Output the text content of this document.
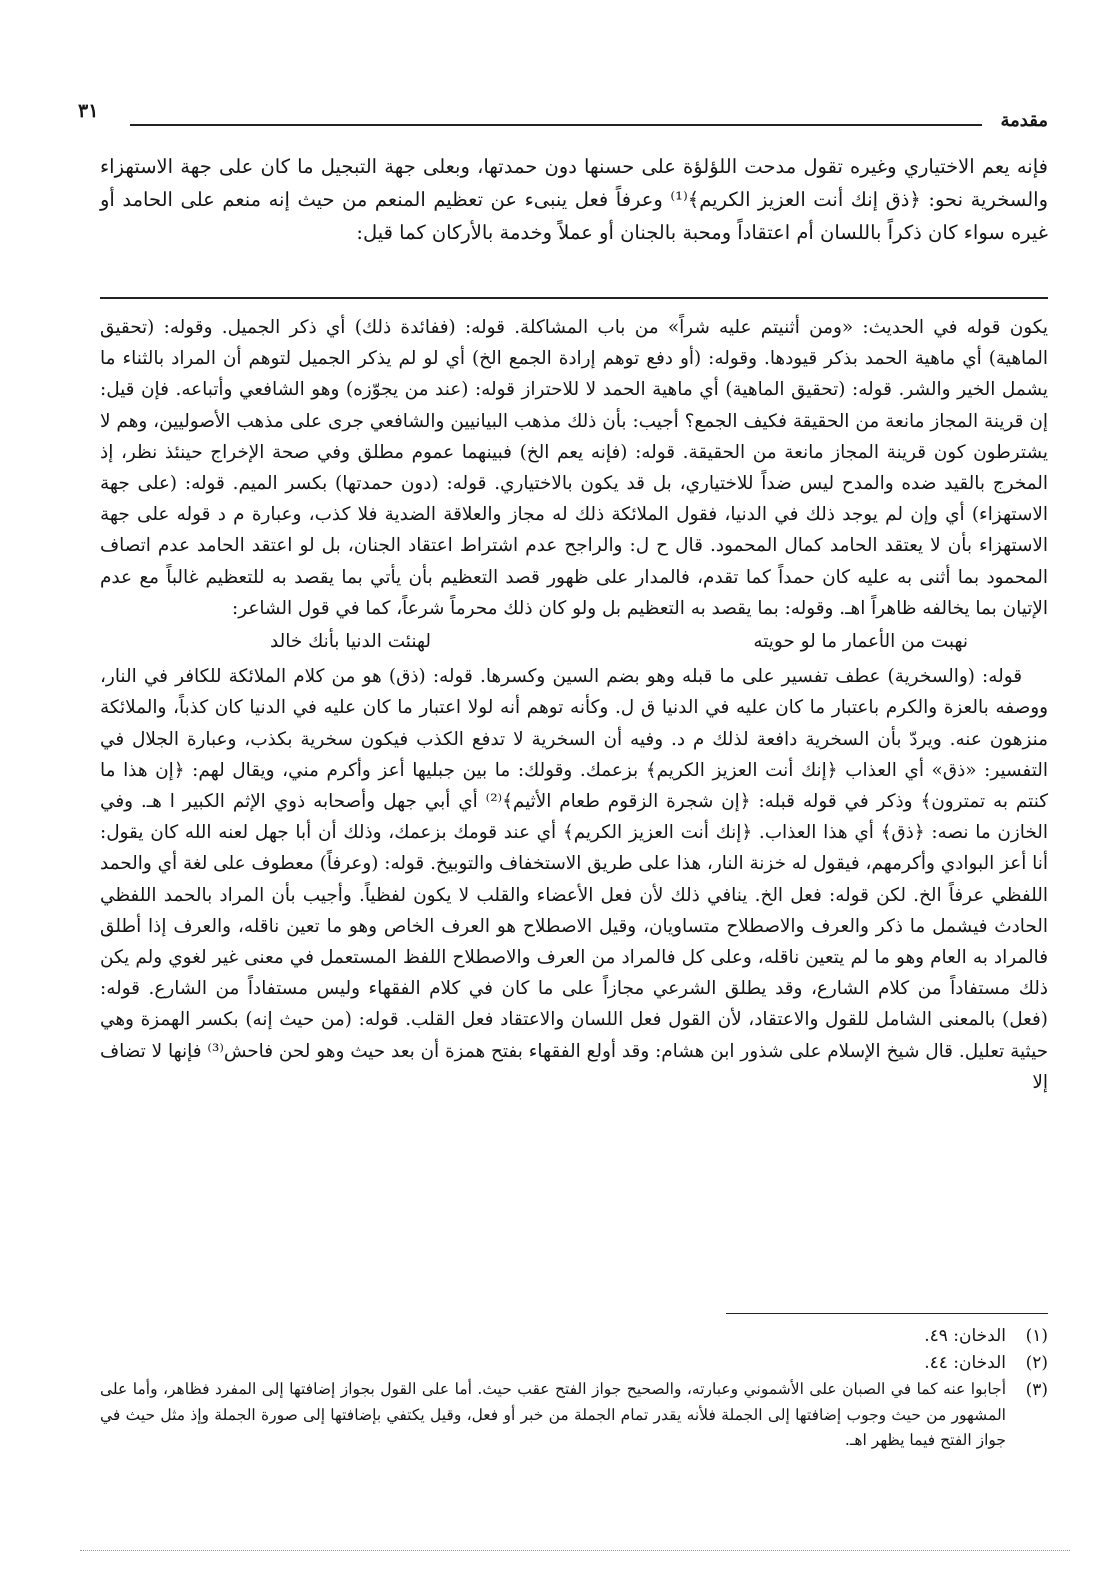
مقدمة
٣١
فإنه يعم الاختياري وغيره تقول مدحت اللؤلؤة على حسنها دون حمدتها، وبعلى جهة التبجيل ما كان على جهة الاستهزاء والسخرية نحو: ﴿ذق إنك أنت العزيز الكريم﴾⁽¹⁾ وعرفاً فعل ينبىء عن تعظيم المنعم من حيث إنه منعم على الحامد أو غيره سواء كان ذكراً باللسان أم اعتقاداً ومحبة بالجنان أو عملاً وخدمة بالأركان كما قيل:

يكون قوله في الحديث: «ومن أثنيتم عليه شراً» من باب المشاكلة. قوله: (ففائدة ذلك) أي ذكر الجميل. وقوله: (تحقيق الماهية) أي ماهية الحمد بذكر قيودها. وقوله: (أو دفع توهم إرادة الجمع الخ) أي لو لم يذكر الجميل لتوهم أن المراد بالثناء ما يشمل الخير والشر. قوله: (تحقيق الماهية) أي ماهية الحمد لا للاحتراز قوله: (عند من يجوّزه) وهو الشافعي وأتباعه. فإن قيل: إن قرينة المجاز مانعة من الحقيقة فكيف الجمع؟ أجيب: بأن ذلك مذهب البيانيين والشافعي جرى على مذهب الأصوليين، وهم لا يشترطون كون قرينة المجاز مانعة من الحقيقة. قوله: (فإنه يعم الخ) فبينهما عموم مطلق وفي صحة الإخراج حينئذ نظر، إذ المخرج بالقيد ضده والمدح ليس ضداً للاختياري، بل قد يكون بالاختياري. قوله: (دون حمدتها) بكسر الميم. قوله: (على جهة الاستهزاء) أي وإن لم يوجد ذلك في الدنيا، فقول الملائكة ذلك له مجاز والعلاقة الضدية فلا كذب، وعبارة م د قوله على جهة الاستهزاء بأن لا يعتقد الحامد كمال المحمود. قال ح ل: والراجح عدم اشتراط اعتقاد الجنان، بل لو اعتقد الحامد عدم اتصاف المحمود بما أثنى به عليه كان حمداً كما تقدم، فالمدار على ظهور قصد التعظيم بأن يأتي بما يقصد به للتعظيم غالباً مع عدم الإتيان بما يخالفه ظاهراً اهـ. وقوله: بما يقصد به التعظيم بل ولو كان ذلك محرماً شرعاً، كما في قول الشاعر:

نهبت من الأعمار ما لو حويته
لهنئت الدنيا بأنك خالد

قوله: (والسخرية) عطف تفسير على ما قبله وهو بضم السين وكسرها. قوله: (ذق) هو من كلام الملائكة للكافر في النار، ووصفه بالعزة والكرم باعتبار ما كان عليه في الدنيا ق ل. وكأنه توهم أنه لولا اعتبار ما كان عليه في الدنيا كان كذباً، والملائكة منزهون عنه. ويردّ بأن السخرية دافعة لذلك م د. وفيه أن السخرية لا تدفع الكذب فيكون سخرية بكذب، وعبارة الجلال في التفسير: «ذق» أي العذاب ﴿إنك أنت العزيز الكريم﴾ بزعمك. وقولك: ما بين جبليها أعز وأكرم مني، ويقال لهم: ﴿إن هذا ما كنتم به تمترون﴾ وذكر في قوله قبله: ﴿إن شجرة الزقوم طعام الأثيم﴾⁽²⁾ أي أبي جهل وأصحابه ذوي الإثم الكبير ا هـ. وفي الخازن ما نصه: ﴿ذق﴾ أي هذا العذاب. ﴿إنك أنت العزيز الكريم﴾ أي عند قومك بزعمك، وذلك أن أبا جهل لعنه الله كان يقول: أنا أعز البوادي وأكرمهم، فيقول له خزنة النار، هذا على طريق الاستخفاف والتوبيخ. قوله: (وعرفاً) معطوف على لغة أي والحمد اللفظي عرفاً الخ. لكن قوله: فعل الخ. ينافي ذلك لأن فعل الأعضاء والقلب لا يكون لفظياً. وأجيب بأن المراد بالحمد اللفظي الحادث فيشمل ما ذكر والعرف والاصطلاح متساويان، وقيل الاصطلاح هو العرف الخاص وهو ما تعين ناقله، والعرف إذا أطلق فالمراد به العام وهو ما لم يتعين ناقله، وعلى كل فالمراد من العرف والاصطلاح اللفظ المستعمل في معنى غير لغوي ولم يكن ذلك مستفاداً من كلام الشارع، وقد يطلق الشرعي مجازاً على ما كان في كلام الفقهاء وليس مستفاداً من الشارع. قوله: (فعل) بالمعنى الشامل للقول والاعتقاد، لأن القول فعل اللسان والاعتقاد فعل القلب. قوله: (من حيث إنه) بكسر الهمزة وهي حيثية تعليل. قال شيخ الإسلام على شذور ابن هشام: وقد أولع الفقهاء بفتح همزة أن بعد حيث وهو لحن فاحش⁽³⁾ فإنها لا تضاف إلا

(١)
الدخان: ٤٩.
(٢)
الدخان: ٤٤.
(٣)
أجابوا عنه كما في الصبان على الأشموني وعبارته، والصحيح جواز الفتح عقب حيث. أما على القول بجواز إضافتها إلى المفرد فظاهر، وأما على المشهور من حيث وجوب إضافتها إلى الجملة فلأنه يقدر تمام الجملة من خبر أو فعل، وقيل يكتفي بإضافتها إلى صورة الجملة وإذ مثل حيث في جواز الفتح فيما يظهر اهـ.
